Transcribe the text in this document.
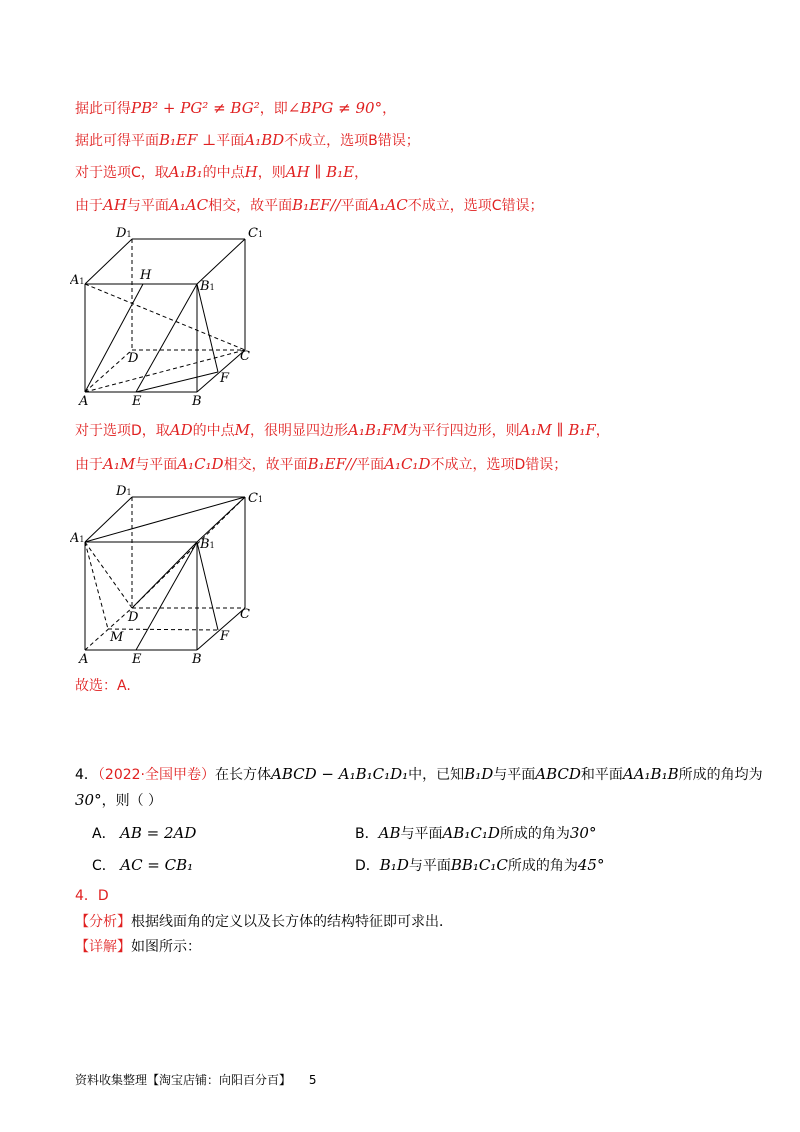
据此可得PB² + PG² ≠ BG²，即∠BPG ≠ 90°，
据此可得平面B₁EF ⊥平面A₁BD不成立，选项B错误；
对于选项C，取A₁B₁的中点H，则AH ∥ B₁E，
由于AH与平面A₁AC相交，故平面B₁EF//平面A₁AC不成立，选项C错误；
D1	C1
A1	H
B1
D	C
F
A	E	B
对于选项D，取AD的中点M，很明显四边形A₁B₁FM为平行四边形，则A₁M ∥ B₁F，
由于A₁M与平面A₁C₁D相交，故平面B₁EF//平面A₁C₁D不成立，选项D错误；
D1	C1
A1	B1
D	C
M	F
A	E	B
故选：A.
4．（2022·全国甲卷）在长方体ABCD − A₁B₁C₁D₁中，已知B₁D与平面ABCD和平面AA₁B₁B所成的角均为
30°，则（ ）
A． AB = 2AD	B．AB与平面AB₁C₁D所成的角为30°
C． AC = CB₁	D．B₁D与平面BB₁C₁C所成的角为45°
4．D
【分析】根据线面角的定义以及长方体的结构特征即可求出．
【详解】如图所示：
资料收集整理【淘宝店铺：向阳百分百】 5
